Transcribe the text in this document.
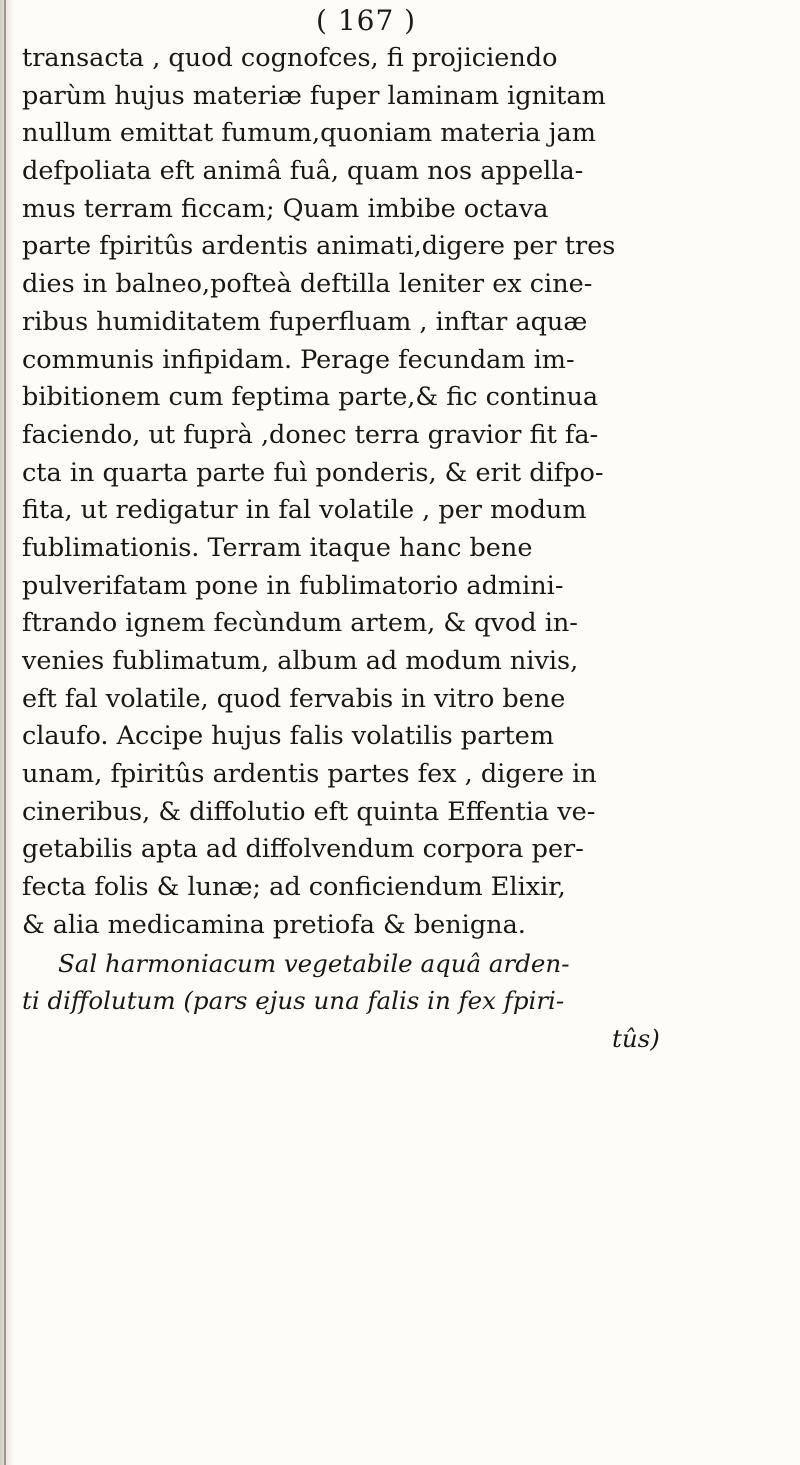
( 167 )
transacta , quod cognofces, fi projiciendo
parùm hujus materiæ fuper laminam ignitam
nullum emittat fumum,quoniam materia jam
defpoliata eft animâ fuâ, quam nos appella-
mus terram ficcam; Quam imbibe octava
parte fpiritûs ardentis animati,digere per tres
dies in balneo,pofteà deftilla leniter ex cine-
ribus humiditatem fuperfluam , inftar aquæ
communis infipidam. Perage fecundam im-
bibitionem cum feptima parte,& fic continua
faciendo, ut fuprà ,donec terra gravior fit fa-
cta in quarta parte fuì ponderis, & erit difpo-
fita, ut redigatur in fal volatile , per modum
fublimationis. Terram itaque hanc bene
pulverifatam pone in fublimatorio admini-
ftrando ignem fecùndum artem, & qvod in-
venies fublimatum, album ad modum nivis,
eft fal volatile, quod fervabis in vitro bene
claufo. Accipe hujus falis volatilis partem
unam, fpiritûs ardentis partes fex , digere in
cineribus, & diffolutio eft quinta Effentia ve-
getabilis apta ad diffolvendum corpora per-
fecta folis & lunæ; ad conficiendum Elixir,
& alia medicamina pretiofa & benigna.
Sal harmoniacum vegetabile aquâ arden-
ti diffolutum (pars ejus una falis in fex fpiri-
tûs)
